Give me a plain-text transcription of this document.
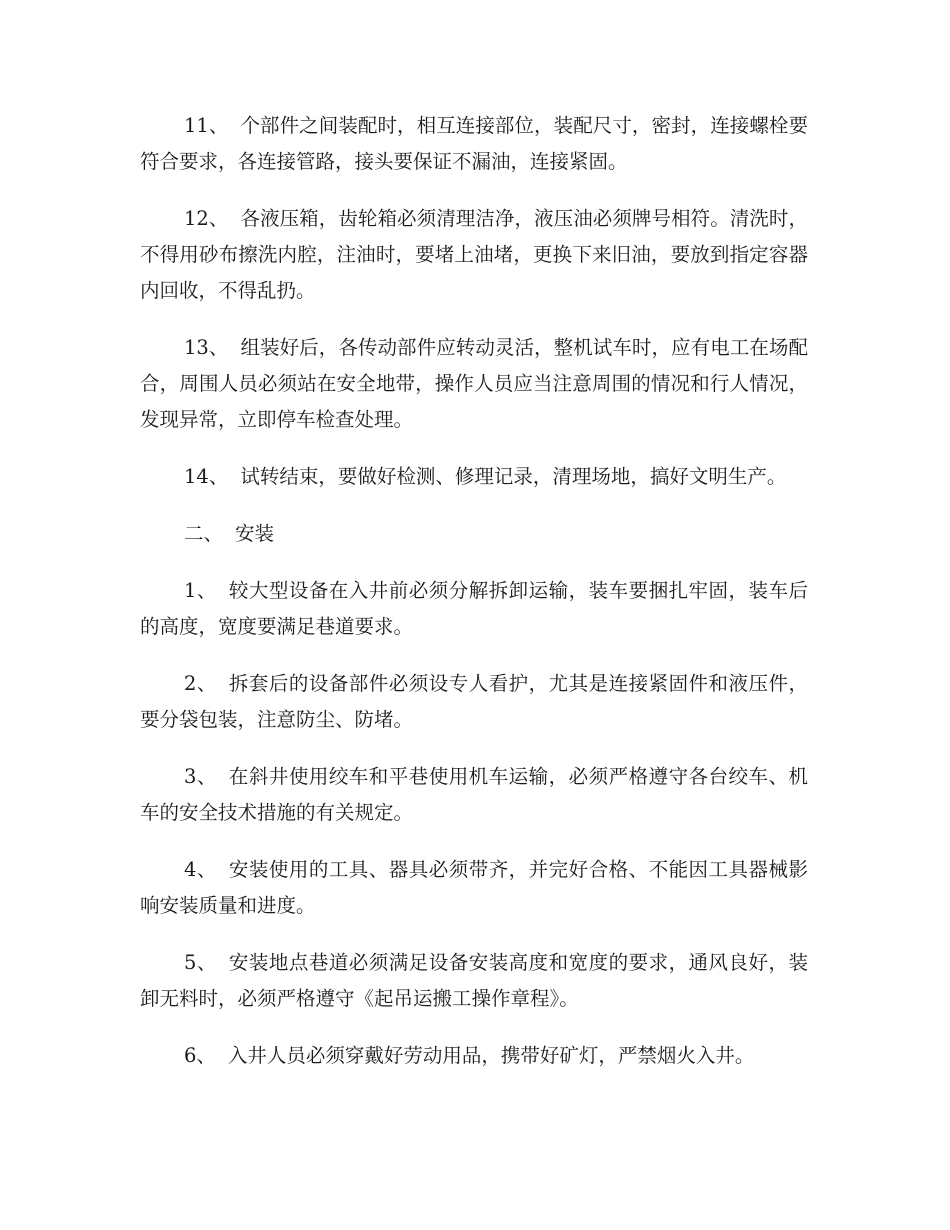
11、 个部件之间装配时，相互连接部位，装配尺寸，密封，连接螺栓要符合要求，各连接管路，接头要保证不漏油，连接紧固。

12、 各液压箱，齿轮箱必须清理洁净，液压油必须牌号相符。清洗时，不得用砂布擦洗内腔，注油时，要堵上油堵，更换下来旧油，要放到指定容器内回收，不得乱扔。

13、 组装好后，各传动部件应转动灵活，整机试车时，应有电工在场配合，周围人员必须站在安全地带，操作人员应当注意周围的情况和行人情况，发现异常，立即停车检查处理。

14、 试转结束，要做好检测、修理记录，清理场地，搞好文明生产。

二、 安装

1、 较大型设备在入井前必须分解拆卸运输，装车要捆扎牢固，装车后的高度，宽度要满足巷道要求。

2、 拆套后的设备部件必须设专人看护，尤其是连接紧固件和液压件，要分袋包装，注意防尘、防堵。

3、 在斜井使用绞车和平巷使用机车运输，必须严格遵守各台绞车、机车的安全技术措施的有关规定。

4、 安装使用的工具、器具必须带齐，并完好合格、不能因工具器械影响安装质量和进度。

5、 安装地点巷道必须满足设备安装高度和宽度的要求，通风良好，装卸无料时，必须严格遵守《起吊运搬工操作章程》。

6、 入井人员必须穿戴好劳动用品，携带好矿灯，严禁烟火入井。
